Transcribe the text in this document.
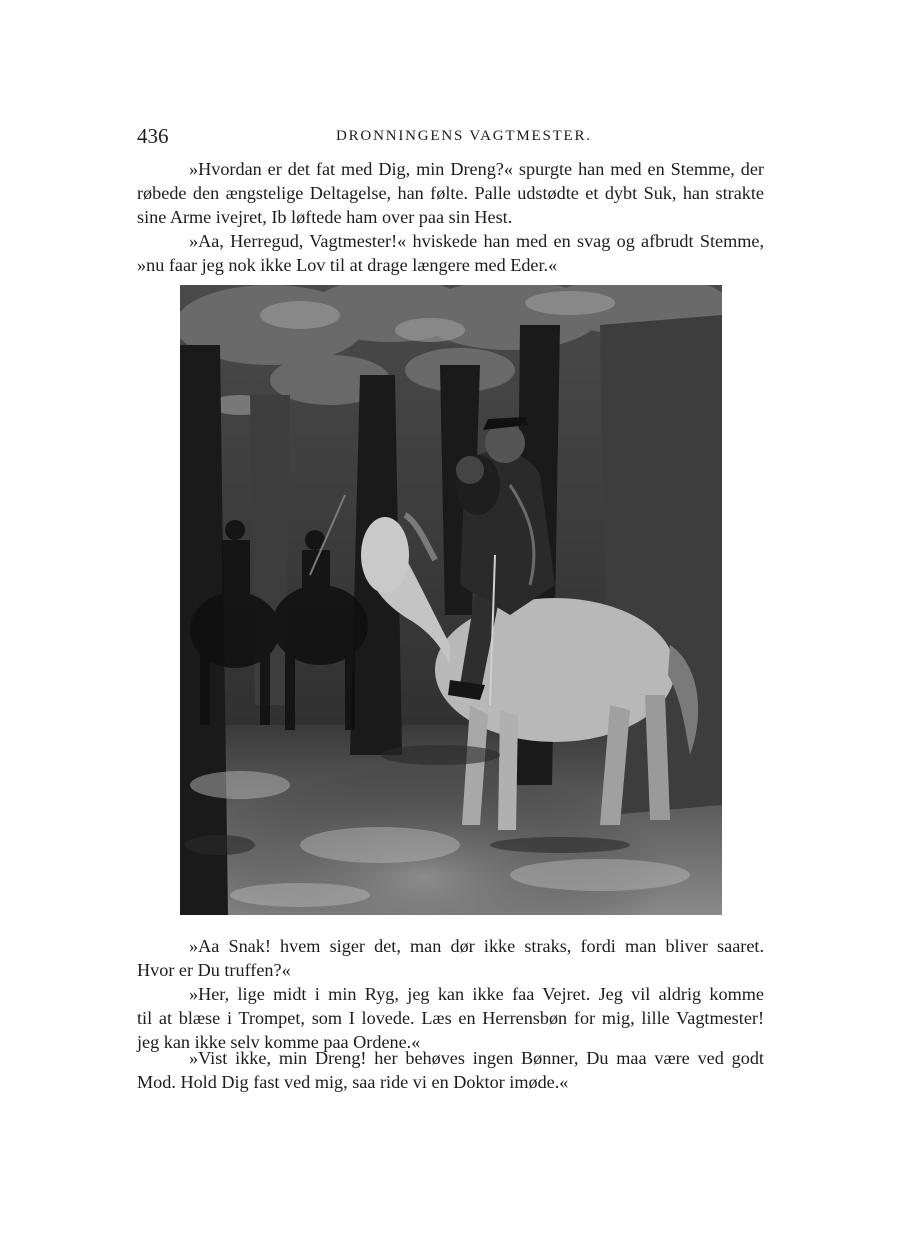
436	DRONNINGENS VAGTMESTER.
»Hvordan er det fat med Dig, min Dreng?« spurgte han med en Stemme, der
røbede den ængstelige Deltagelse, han følte. Palle udstødte et dybt Suk, han strakte
sine Arme ivejret, Ib løftede ham over paa sin Hest.
»Aa, Herregud, Vagtmester!« hviskede han med en svag og afbrudt Stemme,
»nu faar jeg nok ikke Lov til at drage længere med Eder.«
»Aa Snak! hvem siger det, man dør ikke straks, fordi man bliver saaret.
Hvor er Du truffen?«
»Her, lige midt i min Ryg, jeg kan ikke faa Vejret. Jeg vil aldrig komme
til at blæse i Trompet, som I lovede. Læs en Herrensbøn for mig, lille Vagtmester!
jeg kan ikke selv komme paa Ordene.«
»Vist ikke, min Dreng! her behøves ingen Bønner, Du maa være ved godt
Mod. Hold Dig fast ved mig, saa ride vi en Doktor imøde.«
